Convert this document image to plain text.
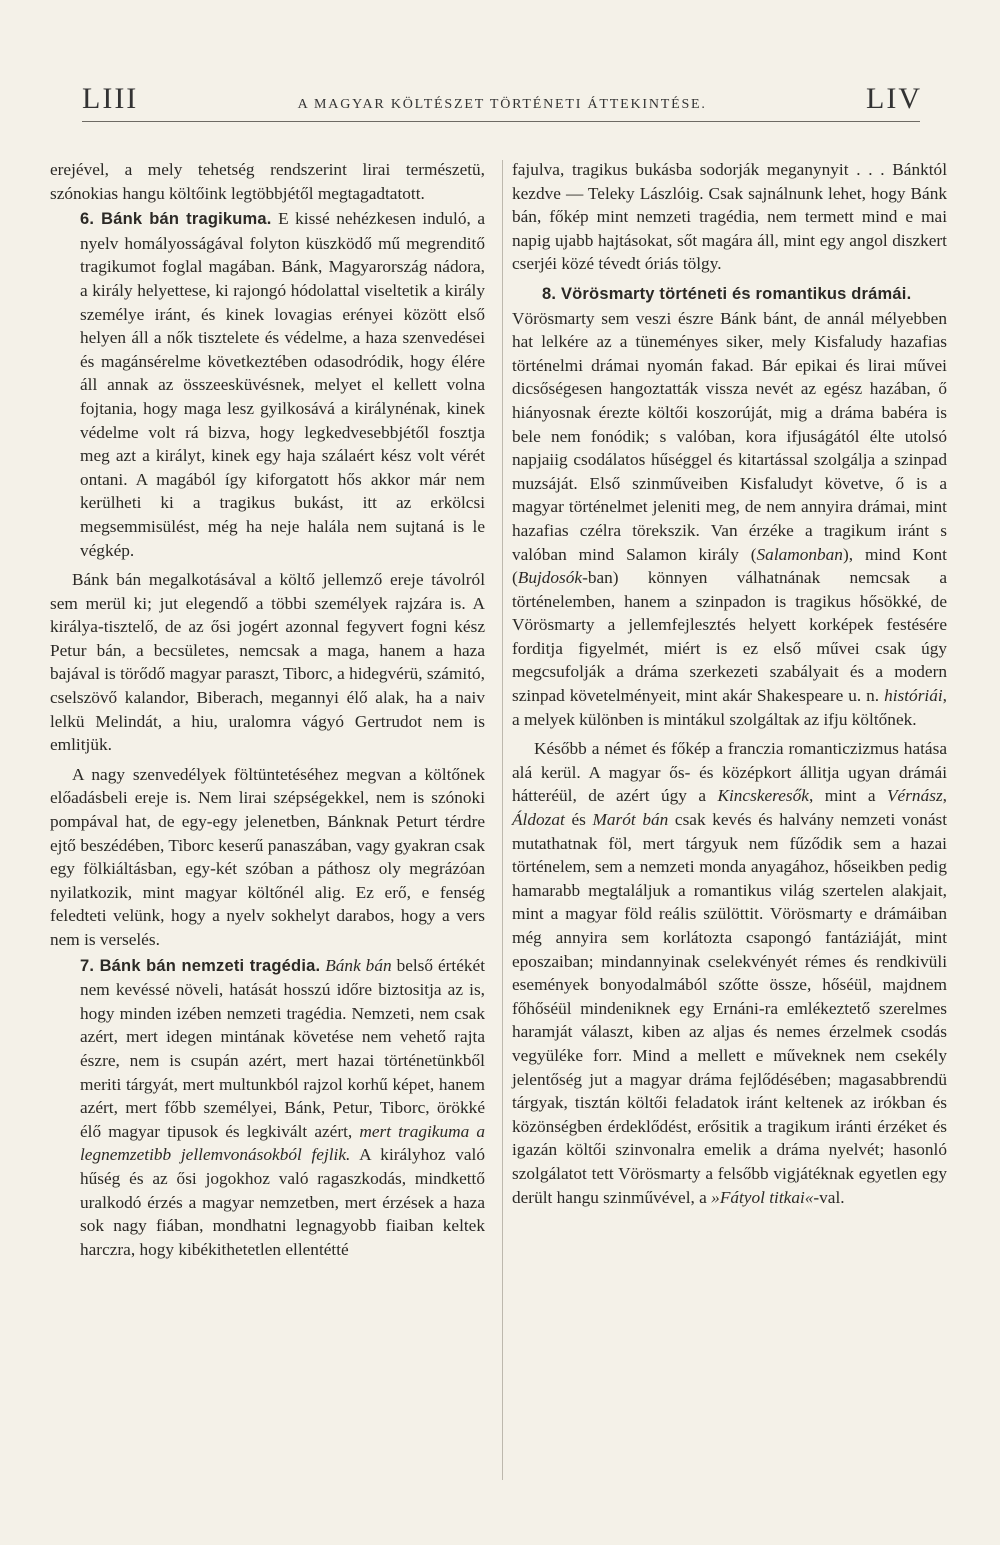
LIII	A MAGYAR KÖLTÉSZET TÖRTÉNETI ÁTTEKINTÉSE.	LIV

erejével, a mely tehetség rendszerint lirai természetü, szónokias hangu költőink legtöbbjétől megtagadtatott.

6. Bánk bán tragikuma. E kissé nehézkesen induló, a nyelv homályosságával folyton küszködő mű megrenditő tragikumot foglal magában. Bánk, Magyarország nádora, a király helyettese, ki rajongó hódolattal viseltetik a király személye iránt, és kinek lovagias erényei között első helyen áll a nők tisztelete és védelme, a haza szenvedései és magánsérelme következtében odasodródik, hogy élére áll annak az összeesküvésnek, melyet el kellett volna fojtania, hogy maga lesz gyilkosává a királynénak, kinek védelme volt rá bizva, hogy legkedvesebbjétől fosztja meg azt a királyt, kinek egy haja szálaért kész volt vérét ontani. A magából így kiforgatott hős akkor már nem kerülheti ki a tragikus bukást, itt az erkölcsi megsemmisülést, még ha neje halála nem sujtaná is le végkép.

Bánk bán megalkotásával a költő jellemző ereje távolról sem merül ki; jut elegendő a többi személyek rajzára is. A királya-tisztelő, de az ősi jogért azonnal fegyvert fogni kész Petur bán, a becsületes, nemcsak a maga, hanem a haza bajával is törődő magyar paraszt, Tiborc, a hidegvérü, számitó, cselszövő kalandor, Biberach, megannyi élő alak, ha a naiv lelkü Melindát, a hiu, uralomra vágyó Gertrudot nem is emlitjük.

A nagy szenvedélyek föltüntetéséhez megvan a költőnek előadásbeli ereje is. Nem lirai szépségekkel, nem is szónoki pompával hat, de egy-egy jelenetben, Bánknak Peturt térdre ejtő beszédében, Tiborc keserű panaszában, vagy gyakran csak egy fölkiáltásban, egy-két szóban a páthosz oly megrázóan nyilatkozik, mint magyar költőnél alig. Ez erő, e fenség feledteti velünk, hogy a nyelv sokhelyt darabos, hogy a vers nem is verselés.

7. Bánk bán nemzeti tragédia. Bánk bán belső értékét nem kevéssé növeli, hatását hosszú időre biztositja az is, hogy minden izében nemzeti tragédia. Nemzeti, nem csak azért, mert idegen mintának követése nem vehető rajta észre, nem is csupán azért, mert hazai történetünkből meriti tárgyát, mert multunkból rajzol korhű képet, hanem azért, mert főbb személyei, Bánk, Petur, Tiborc, örökké élő magyar tipusok és legkivált azért, mert tragikuma a legnemzetibb jellemvonásokból fejlik. A királyhoz való hűség és az ősi jogokhoz való ragaszkodás, mindkettő uralkodó érzés a magyar nemzetben, mert érzések a haza sok nagy fiában, mondhatni legnagyobb fiaiban keltek harczra, hogy kibékithetetlen ellentétté

fajulva, tragikus bukásba sodorják meganynyit . . . Bánktól kezdve — Teleky Lászlóig. Csak sajnálnunk lehet, hogy Bánk bán, főkép mint nemzeti tragédia, nem termett mind e mai napig ujabb hajtásokat, sőt magára áll, mint egy angol diszkert cserjéi közé tévedt óriás tölgy.

8. Vörösmarty történeti és romantikus drámái.

Vörösmarty sem veszi észre Bánk bánt, de annál mélyebben hat lelkére az a tüneményes siker, mely Kisfaludy hazafias történelmi drámai nyomán fakad. Bár epikai és lirai művei dicsőségesen hangoztatták vissza nevét az egész hazában, ő hiányosnak érezte költői koszorúját, mig a dráma babéra is bele nem fonódik; s valóban, kora ifjuságától élte utolsó napjaiig csodálatos hűséggel és kitartással szolgálja a szinpad muzsáját. Első szinműveiben Kisfaludyt követve, ő is a magyar történelmet jeleniti meg, de nem annyira drámai, mint hazafias czélra törekszik. Van érzéke a tragikum iránt s valóban mind Salamon király (Salamonban), mind Kont (Bujdosók-ban) könnyen válhatnának nemcsak a történelemben, hanem a szinpadon is tragikus hősökké, de Vörösmarty a jellemfejlesztés helyett korképek festésére forditja figyelmét, miért is ez első művei csak úgy megcsufolják a dráma szerkezeti szabályait és a modern szinpad követelményeit, mint akár Shakespeare u. n. históriái, a melyek különben is mintákul szolgáltak az ifju költőnek.

Később a német és főkép a franczia romanticzizmus hatása alá kerül. A magyar ős- és középkort állitja ugyan drámái hátteréül, de azért úgy a Kincskeresők, mint a Vérnász, Áldozat és Marót bán csak kevés és halvány nemzeti vonást mutathatnak föl, mert tárgyuk nem fűződik sem a hazai történelem, sem a nemzeti monda anyagához, hőseikben pedig hamarabb megtaláljuk a romantikus világ szertelen alakjait, mint a magyar föld reális szülöttit. Vörösmarty e drámáiban még annyira sem korlátozta csapongó fantáziáját, mint eposzaiban; mindannyinak cselekvényét rémes és rendkivüli események bonyodalmából szőtte össze, hőséül, majdnem főhőséül mindeniknek egy Ernáni-ra emlékeztető szerelmes haramját választ, kiben az aljas és nemes érzelmek csodás vegyüléke forr. Mind a mellett e műveknek nem csekély jelentőség jut a magyar dráma fejlődésében; magasabbrendü tárgyak, tisztán költői feladatok iránt keltenek az irókban és közönségben érdeklődést, erősitik a tragikum iránti érzéket és igazán költői szinvonalra emelik a dráma nyelvét; hasonló szolgálatot tett Vörösmarty a felsőbb vigjátéknak egyetlen egy derült hangu szinművével, a »Fátyol titkai«-val.
